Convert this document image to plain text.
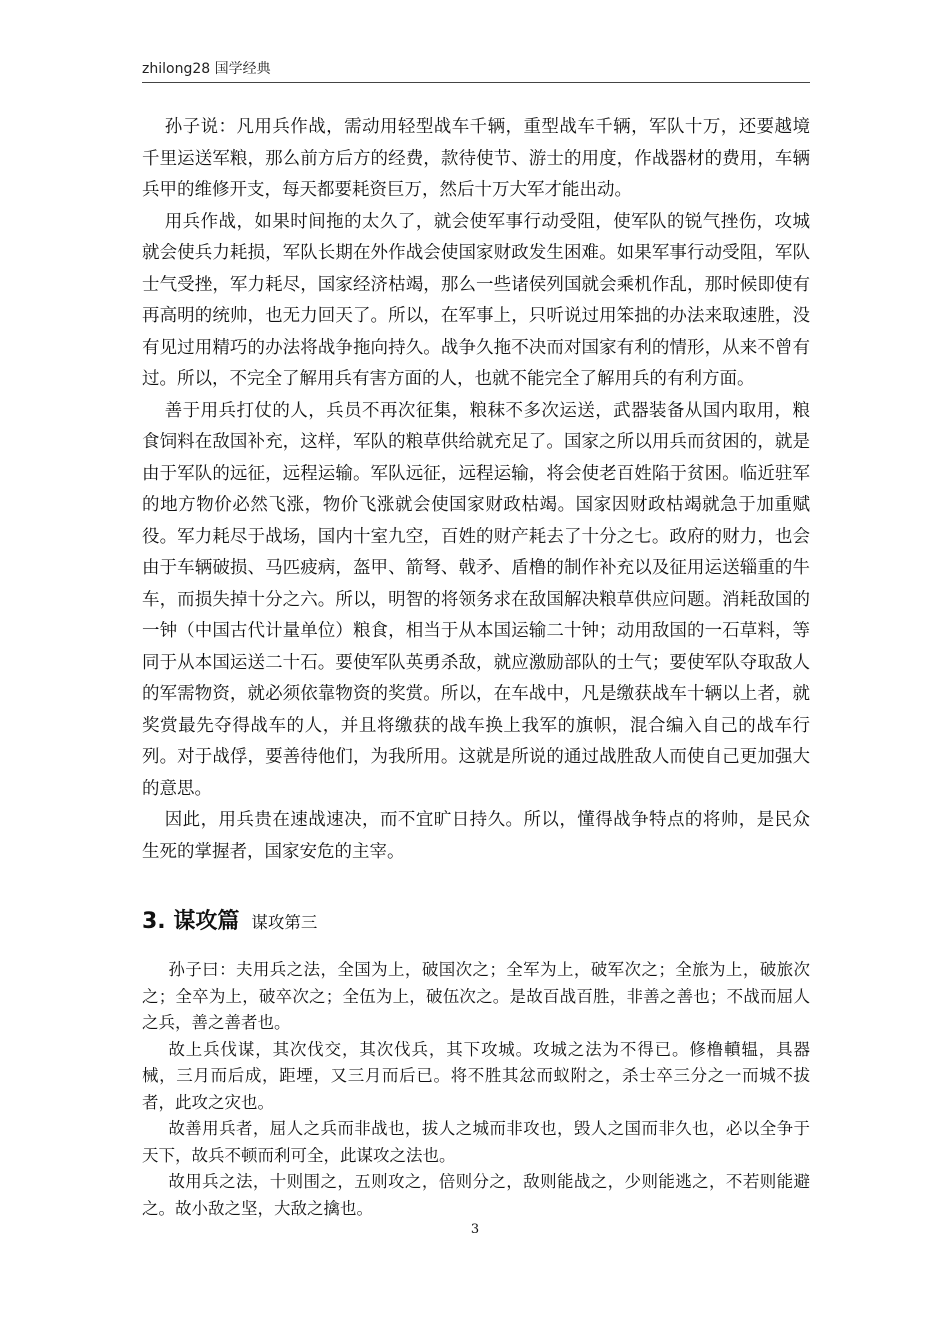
zhilong28 国学经典

孙子说：凡用兵作战，需动用轻型战车千辆，重型战车千辆，军队十万，还要越境千里运送军粮，那么前方后方的经费，款待使节、游士的用度，作战器材的费用，车辆兵甲的维修开支，每天都要耗资巨万，然后十万大军才能出动。

用兵作战，如果时间拖的太久了，就会使军事行动受阻，使军队的锐气挫伤，攻城就会使兵力耗损，军队长期在外作战会使国家财政发生困难。如果军事行动受阻，军队士气受挫，军力耗尽，国家经济枯竭，那么一些诸侯列国就会乘机作乱，那时候即使有再高明的统帅，也无力回天了。所以，在军事上，只听说过用笨拙的办法来取速胜，没有见过用精巧的办法将战争拖向持久。战争久拖不决而对国家有利的情形，从来不曾有过。所以，不完全了解用兵有害方面的人，也就不能完全了解用兵的有利方面。

善于用兵打仗的人，兵员不再次征集，粮秣不多次运送，武器装备从国内取用，粮食饲料在敌国补充，这样，军队的粮草供给就充足了。国家之所以用兵而贫困的，就是由于军队的远征，远程运输。军队远征，远程运输，将会使老百姓陷于贫困。临近驻军的地方物价必然飞涨，物价飞涨就会使国家财政枯竭。国家因财政枯竭就急于加重赋役。军力耗尽于战场，国内十室九空，百姓的财产耗去了十分之七。政府的财力，也会由于车辆破损、马匹疲病，盔甲、箭弩、戟矛、盾橹的制作补充以及征用运送辎重的牛车，而损失掉十分之六。所以，明智的将领务求在敌国解决粮草供应问题。消耗敌国的一钟（中国古代计量单位）粮食，相当于从本国运输二十钟；动用敌国的一石草料，等同于从本国运送二十石。要使军队英勇杀敌，就应激励部队的士气；要使军队夺取敌人的军需物资，就必须依靠物资的奖赏。所以，在车战中，凡是缴获战车十辆以上者，就奖赏最先夺得战车的人，并且将缴获的战车换上我军的旗帜，混合编入自己的战车行列。对于战俘，要善待他们，为我所用。这就是所说的通过战胜敌人而使自己更加强大的意思。

因此，用兵贵在速战速决，而不宜旷日持久。所以，懂得战争特点的将帅，是民众生死的掌握者，国家安危的主宰。

3. 谋攻篇 谋攻第三

孙子曰：夫用兵之法，全国为上，破国次之；全军为上，破军次之；全旅为上，破旅次之；全卒为上，破卒次之；全伍为上，破伍次之。是故百战百胜，非善之善也；不战而屈人之兵，善之善者也。

故上兵伐谋，其次伐交，其次伐兵，其下攻城。攻城之法为不得已。修橹轒辒，具器械，三月而后成，距堙，又三月而后已。将不胜其忿而蚁附之，杀士卒三分之一而城不拔者，此攻之灾也。

故善用兵者，屈人之兵而非战也，拔人之城而非攻也，毁人之国而非久也，必以全争于天下，故兵不顿而利可全，此谋攻之法也。

故用兵之法，十则围之，五则攻之，倍则分之，敌则能战之，少则能逃之，不若则能避之。故小敌之坚，大敌之擒也。

3
